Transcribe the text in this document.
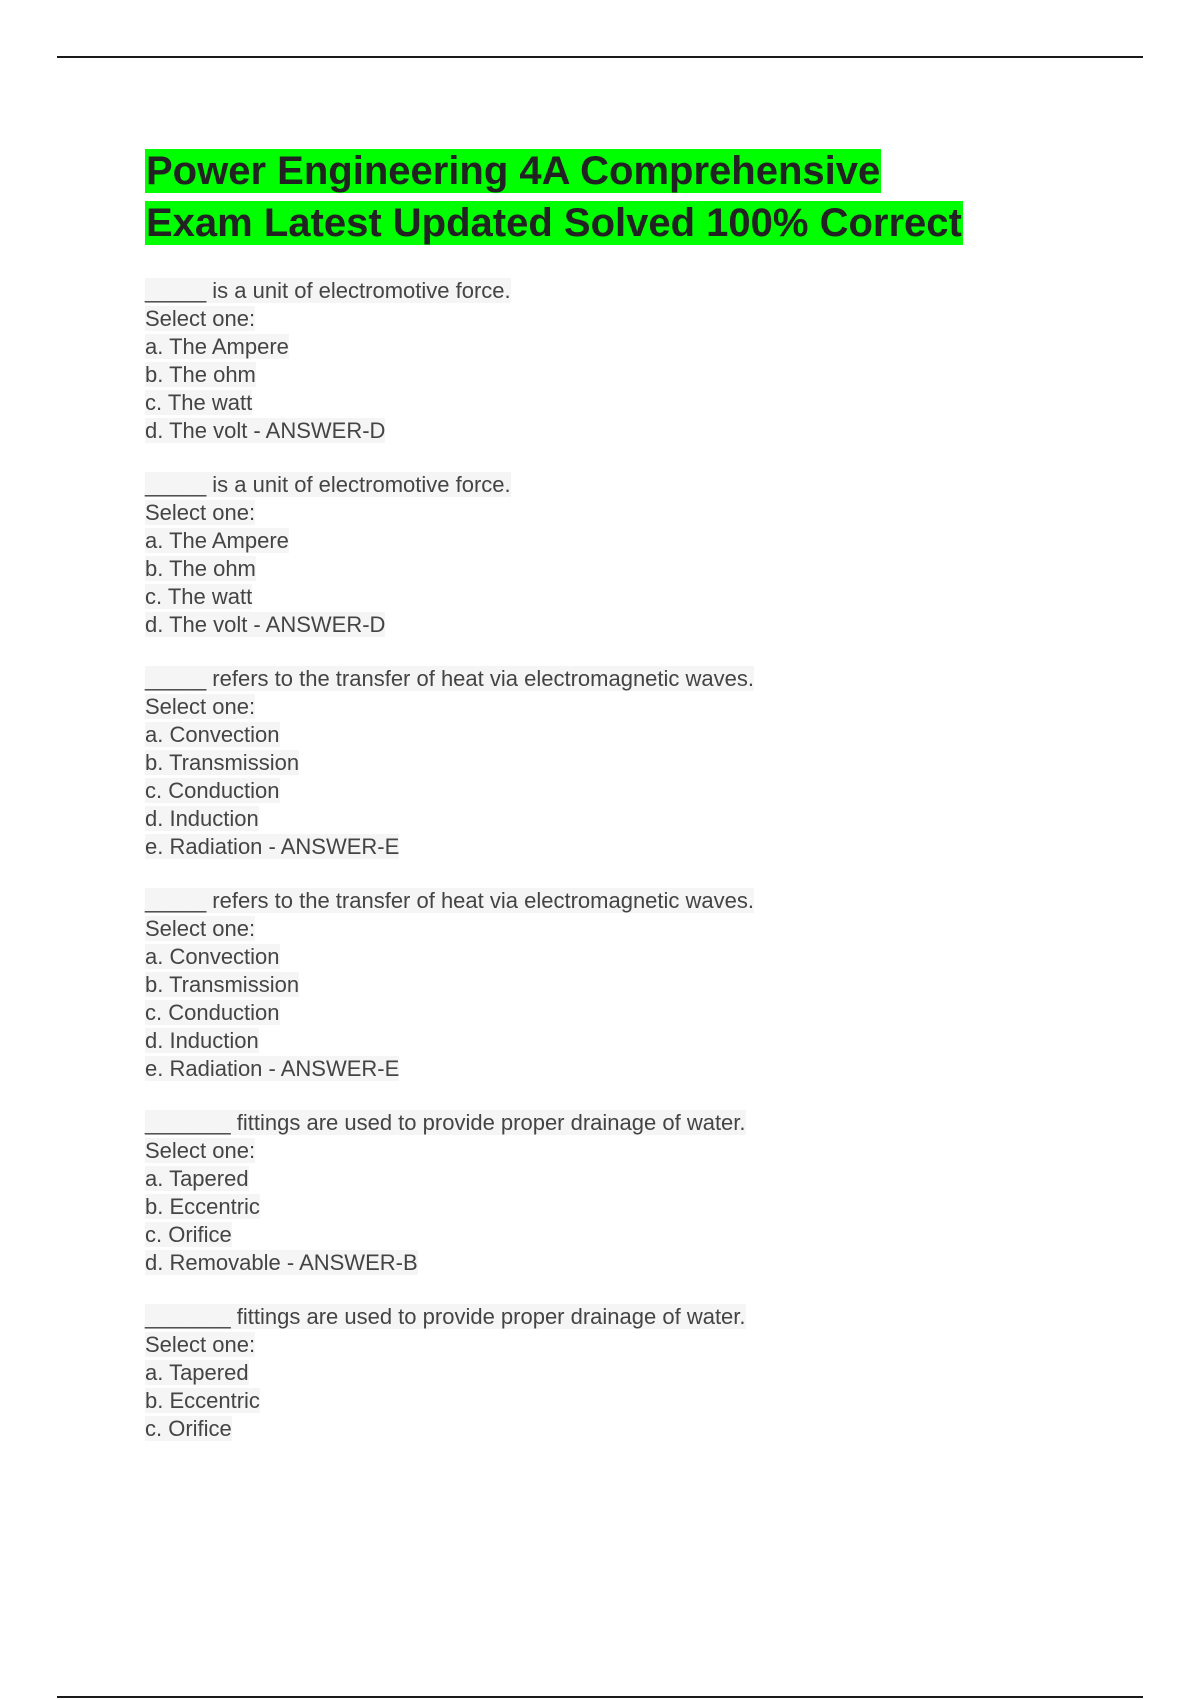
Power Engineering 4A Comprehensive
Exam Latest Updated Solved 100% Correct
_____ is a unit of electromotive force.
Select one:
a. The Ampere
b. The ohm
c. The watt
d. The volt - ANSWER-D
_____ is a unit of electromotive force.
Select one:
a. The Ampere
b. The ohm
c. The watt
d. The volt - ANSWER-D
_____ refers to the transfer of heat via electromagnetic waves.
Select one:
a. Convection
b. Transmission
c. Conduction
d. Induction
e. Radiation - ANSWER-E
_____ refers to the transfer of heat via electromagnetic waves.
Select one:
a. Convection
b. Transmission
c. Conduction
d. Induction
e. Radiation - ANSWER-E
_______ fittings are used to provide proper drainage of water.
Select one:
a. Tapered
b. Eccentric
c. Orifice
d. Removable - ANSWER-B
_______ fittings are used to provide proper drainage of water.
Select one:
a. Tapered
b. Eccentric
c. Orifice
